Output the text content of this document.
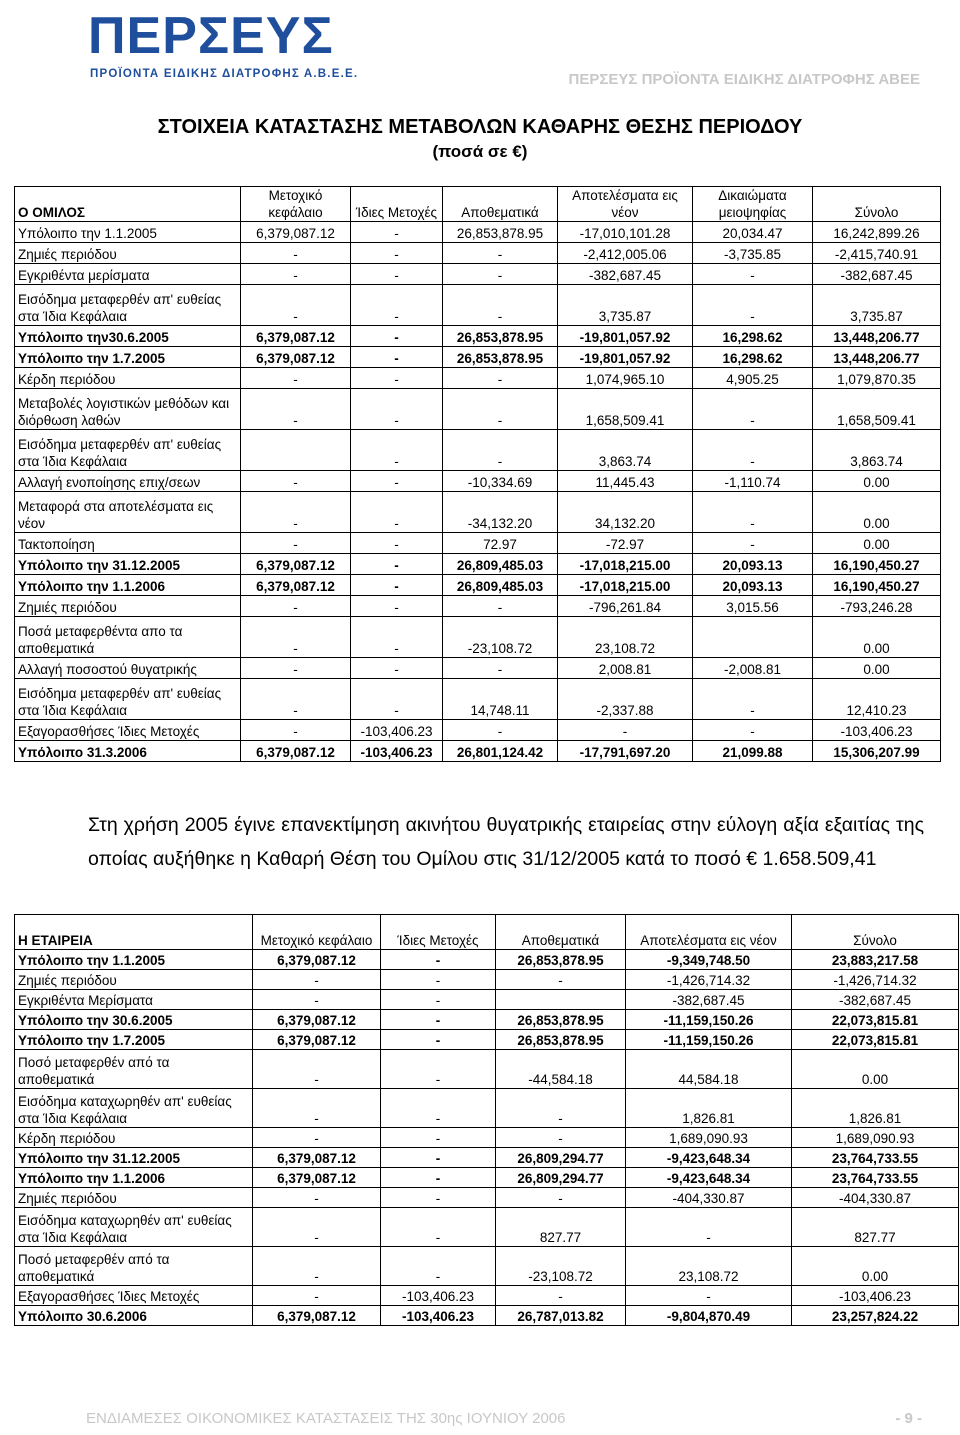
ΠΕΡΣΕΥΣ
ΠΡΟΪΟΝΤΑ ΕΙΔΙΚΗΣ ΔΙΑΤΡΟΦΗΣ Α.Β.Ε.Ε.	ΠΕΡΣΕΥΣ ΠΡΟΪΟΝΤΑ ΕΙΔΙΚΗΣ ΔΙΑΤΡΟΦΗΣ ΑΒΕΕ
ΣΤΟΙΧΕΙΑ ΚΑΤΑΣΤΑΣΗΣ ΜΕΤΑΒΟΛΩΝ ΚΑΘΑΡΗΣ ΘΕΣΗΣ ΠΕΡΙΟΔΟΥ
(ποσά σε €)
Ο ΟΜΙΛΟΣ	Μετοχικό κεφάλαιο	Ίδιες Μετοχές	Αποθεματικά	Αποτελέσματα εις νέον	Δικαιώματα μειοψηφίας	Σύνολο
Υπόλοιπο την 1.1.2005	6,379,087.12	-	26,853,878.95	-17,010,101.28	20,034.47	16,242,899.26
Ζημιές περιόδου	-	-	-	-2,412,005.06	-3,735.85	-2,415,740.91
Εγκριθέντα μερίσματα	-	-	-	-382,687.45	-	-382,687.45
Εισόδημα μεταφερθέν απ' ευθείας στα Ίδια Κεφάλαια	-	-	-	3,735.87	-	3,735.87
Υπόλοιπο την30.6.2005	6,379,087.12	-	26,853,878.95	-19,801,057.92	16,298.62	13,448,206.77
Υπόλοιπο την 1.7.2005	6,379,087.12	-	26,853,878.95	-19,801,057.92	16,298.62	13,448,206.77
Κέρδη περιόδου	-	-	-	1,074,965.10	4,905.25	1,079,870.35
Μεταβολές λογιστικών μεθόδων και διόρθωση λαθών	-	-	-	1,658,509.41	-	1,658,509.41
Εισόδημα μεταφερθέν απ' ευθείας στα Ίδια Κεφάλαια		-	-	3,863.74	-	3,863.74
Αλλαγή ενοποίησης επιχ/σεων	-	-	-10,334.69	11,445.43	-1,110.74	0.00
Μεταφορά στα αποτελέσματα εις νέον	-	-	-34,132.20	34,132.20	-	0.00
Τακτοποίηση	-	-	72.97	-72.97	-	0.00
Υπόλοιπο την 31.12.2005	6,379,087.12	-	26,809,485.03	-17,018,215.00	20,093.13	16,190,450.27
Υπόλοιπο την 1.1.2006	6,379,087.12	-	26,809,485.03	-17,018,215.00	20,093.13	16,190,450.27
Ζημιές περιόδου	-	-	-	-796,261.84	3,015.56	-793,246.28
Ποσά μεταφερθέντα απο τα αποθεματικά	-	-	-23,108.72	23,108.72		0.00
Αλλαγή ποσοστού θυγατρικής	-	-	-	2,008.81	-2,008.81	0.00
Εισόδημα μεταφερθέν απ' ευθείας στα Ίδια Κεφάλαια	-	-	14,748.11	-2,337.88	-	12,410.23
Εξαγορασθήσες Ίδιες Μετοχές	-	-103,406.23	-	-	-	-103,406.23
Υπόλοιπο 31.3.2006	6,379,087.12	-103,406.23	26,801,124.42	-17,791,697.20	21,099.88	15,306,207.99
Στη χρήση 2005 έγινε επανεκτίμηση ακινήτου θυγατρικής εταιρείας στην εύλογη αξία εξαιτίας της οποίας αυξήθηκε η Καθαρή Θέση του Ομίλου στις 31/12/2005 κατά το ποσό € 1.658.509,41
Η ΕΤΑΙΡΕΙΑ	Μετοχικό κεφάλαιο	Ίδιες Μετοχές	Αποθεματικά	Αποτελέσματα εις νέον	Σύνολο
Υπόλοιπο την 1.1.2005	6,379,087.12	-	26,853,878.95	-9,349,748.50	23,883,217.58
Ζημιές περιόδου	-	-	-	-1,426,714.32	-1,426,714.32
Εγκριθέντα Μερίσματα	-	-		-382,687.45	-382,687.45
Υπόλοιπο την 30.6.2005	6,379,087.12	-	26,853,878.95	-11,159,150.26	22,073,815.81
Υπόλοιπο την 1.7.2005	6,379,087.12	-	26,853,878.95	-11,159,150.26	22,073,815.81
Ποσό μεταφερθέν από τα αποθεματικά	-	-	-44,584.18	44,584.18	0.00
Εισόδημα καταχωρηθέν απ' ευθείας στα Ίδια Κεφάλαια	-	-	-	1,826.81	1,826.81
Κέρδη περιόδου	-	-	-	1,689,090.93	1,689,090.93
Υπόλοιπο την 31.12.2005	6,379,087.12	-	26,809,294.77	-9,423,648.34	23,764,733.55
Υπόλοιπο την 1.1.2006	6,379,087.12	-	26,809,294.77	-9,423,648.34	23,764,733.55
Ζημιές περιόδου	-	-	-	-404,330.87	-404,330.87
Εισόδημα καταχωρηθέν απ' ευθείας στα Ίδια Κεφάλαια	-	-	827.77	-	827.77
Ποσό μεταφερθέν από τα αποθεματικά	-	-	-23,108.72	23,108.72	0.00
Εξαγορασθήσες Ίδιες Μετοχές	-	-103,406.23	-	-	-103,406.23
Υπόλοιπο 30.6.2006	6,379,087.12	-103,406.23	26,787,013.82	-9,804,870.49	23,257,824.22
ΕΝΔΙΑΜΕΣΕΣ ΟΙΚΟΝΟΜΙΚΕΣ ΚΑΤΑΣΤΑΣΕΙΣ ΤΗΣ 30ης ΙΟΥΝΙΟΥ 2006	- 9 -
